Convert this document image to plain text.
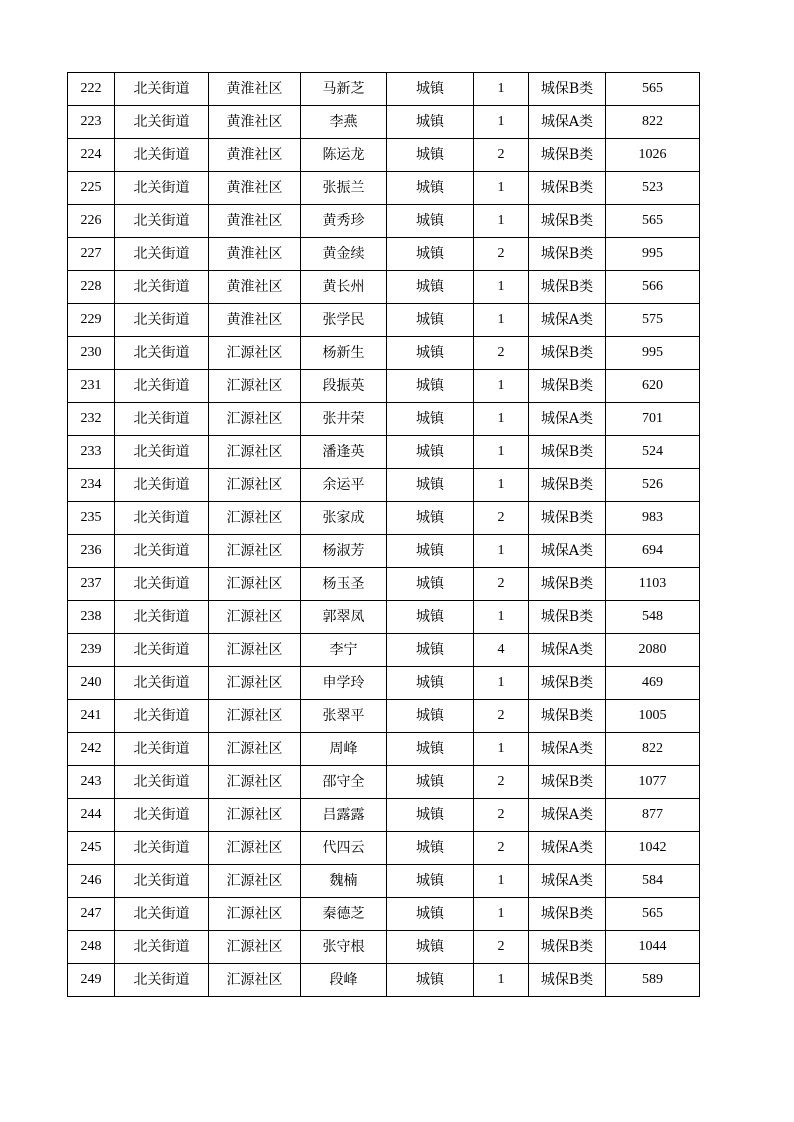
222	北关街道	黄淮社区	马新芝	城镇	1	城保B类	565
223	北关街道	黄淮社区	李燕	城镇	1	城保A类	822
224	北关街道	黄淮社区	陈运龙	城镇	2	城保B类	1026
225	北关街道	黄淮社区	张振兰	城镇	1	城保B类	523
226	北关街道	黄淮社区	黄秀珍	城镇	1	城保B类	565
227	北关街道	黄淮社区	黄金续	城镇	2	城保B类	995
228	北关街道	黄淮社区	黄长州	城镇	1	城保B类	566
229	北关街道	黄淮社区	张学民	城镇	1	城保A类	575
230	北关街道	汇源社区	杨新生	城镇	2	城保B类	995
231	北关街道	汇源社区	段振英	城镇	1	城保B类	620
232	北关街道	汇源社区	张井荣	城镇	1	城保A类	701
233	北关街道	汇源社区	潘逢英	城镇	1	城保B类	524
234	北关街道	汇源社区	余运平	城镇	1	城保B类	526
235	北关街道	汇源社区	张家成	城镇	2	城保B类	983
236	北关街道	汇源社区	杨淑芳	城镇	1	城保A类	694
237	北关街道	汇源社区	杨玉圣	城镇	2	城保B类	1103
238	北关街道	汇源社区	郭翠凤	城镇	1	城保B类	548
239	北关街道	汇源社区	李宁	城镇	4	城保A类	2080
240	北关街道	汇源社区	申学玲	城镇	1	城保B类	469
241	北关街道	汇源社区	张翠平	城镇	2	城保B类	1005
242	北关街道	汇源社区	周峰	城镇	1	城保A类	822
243	北关街道	汇源社区	邵守全	城镇	2	城保B类	1077
244	北关街道	汇源社区	吕露露	城镇	2	城保A类	877
245	北关街道	汇源社区	代四云	城镇	2	城保A类	1042
246	北关街道	汇源社区	魏楠	城镇	1	城保A类	584
247	北关街道	汇源社区	秦德芝	城镇	1	城保B类	565
248	北关街道	汇源社区	张守根	城镇	2	城保B类	1044
249	北关街道	汇源社区	段峰	城镇	1	城保B类	589
